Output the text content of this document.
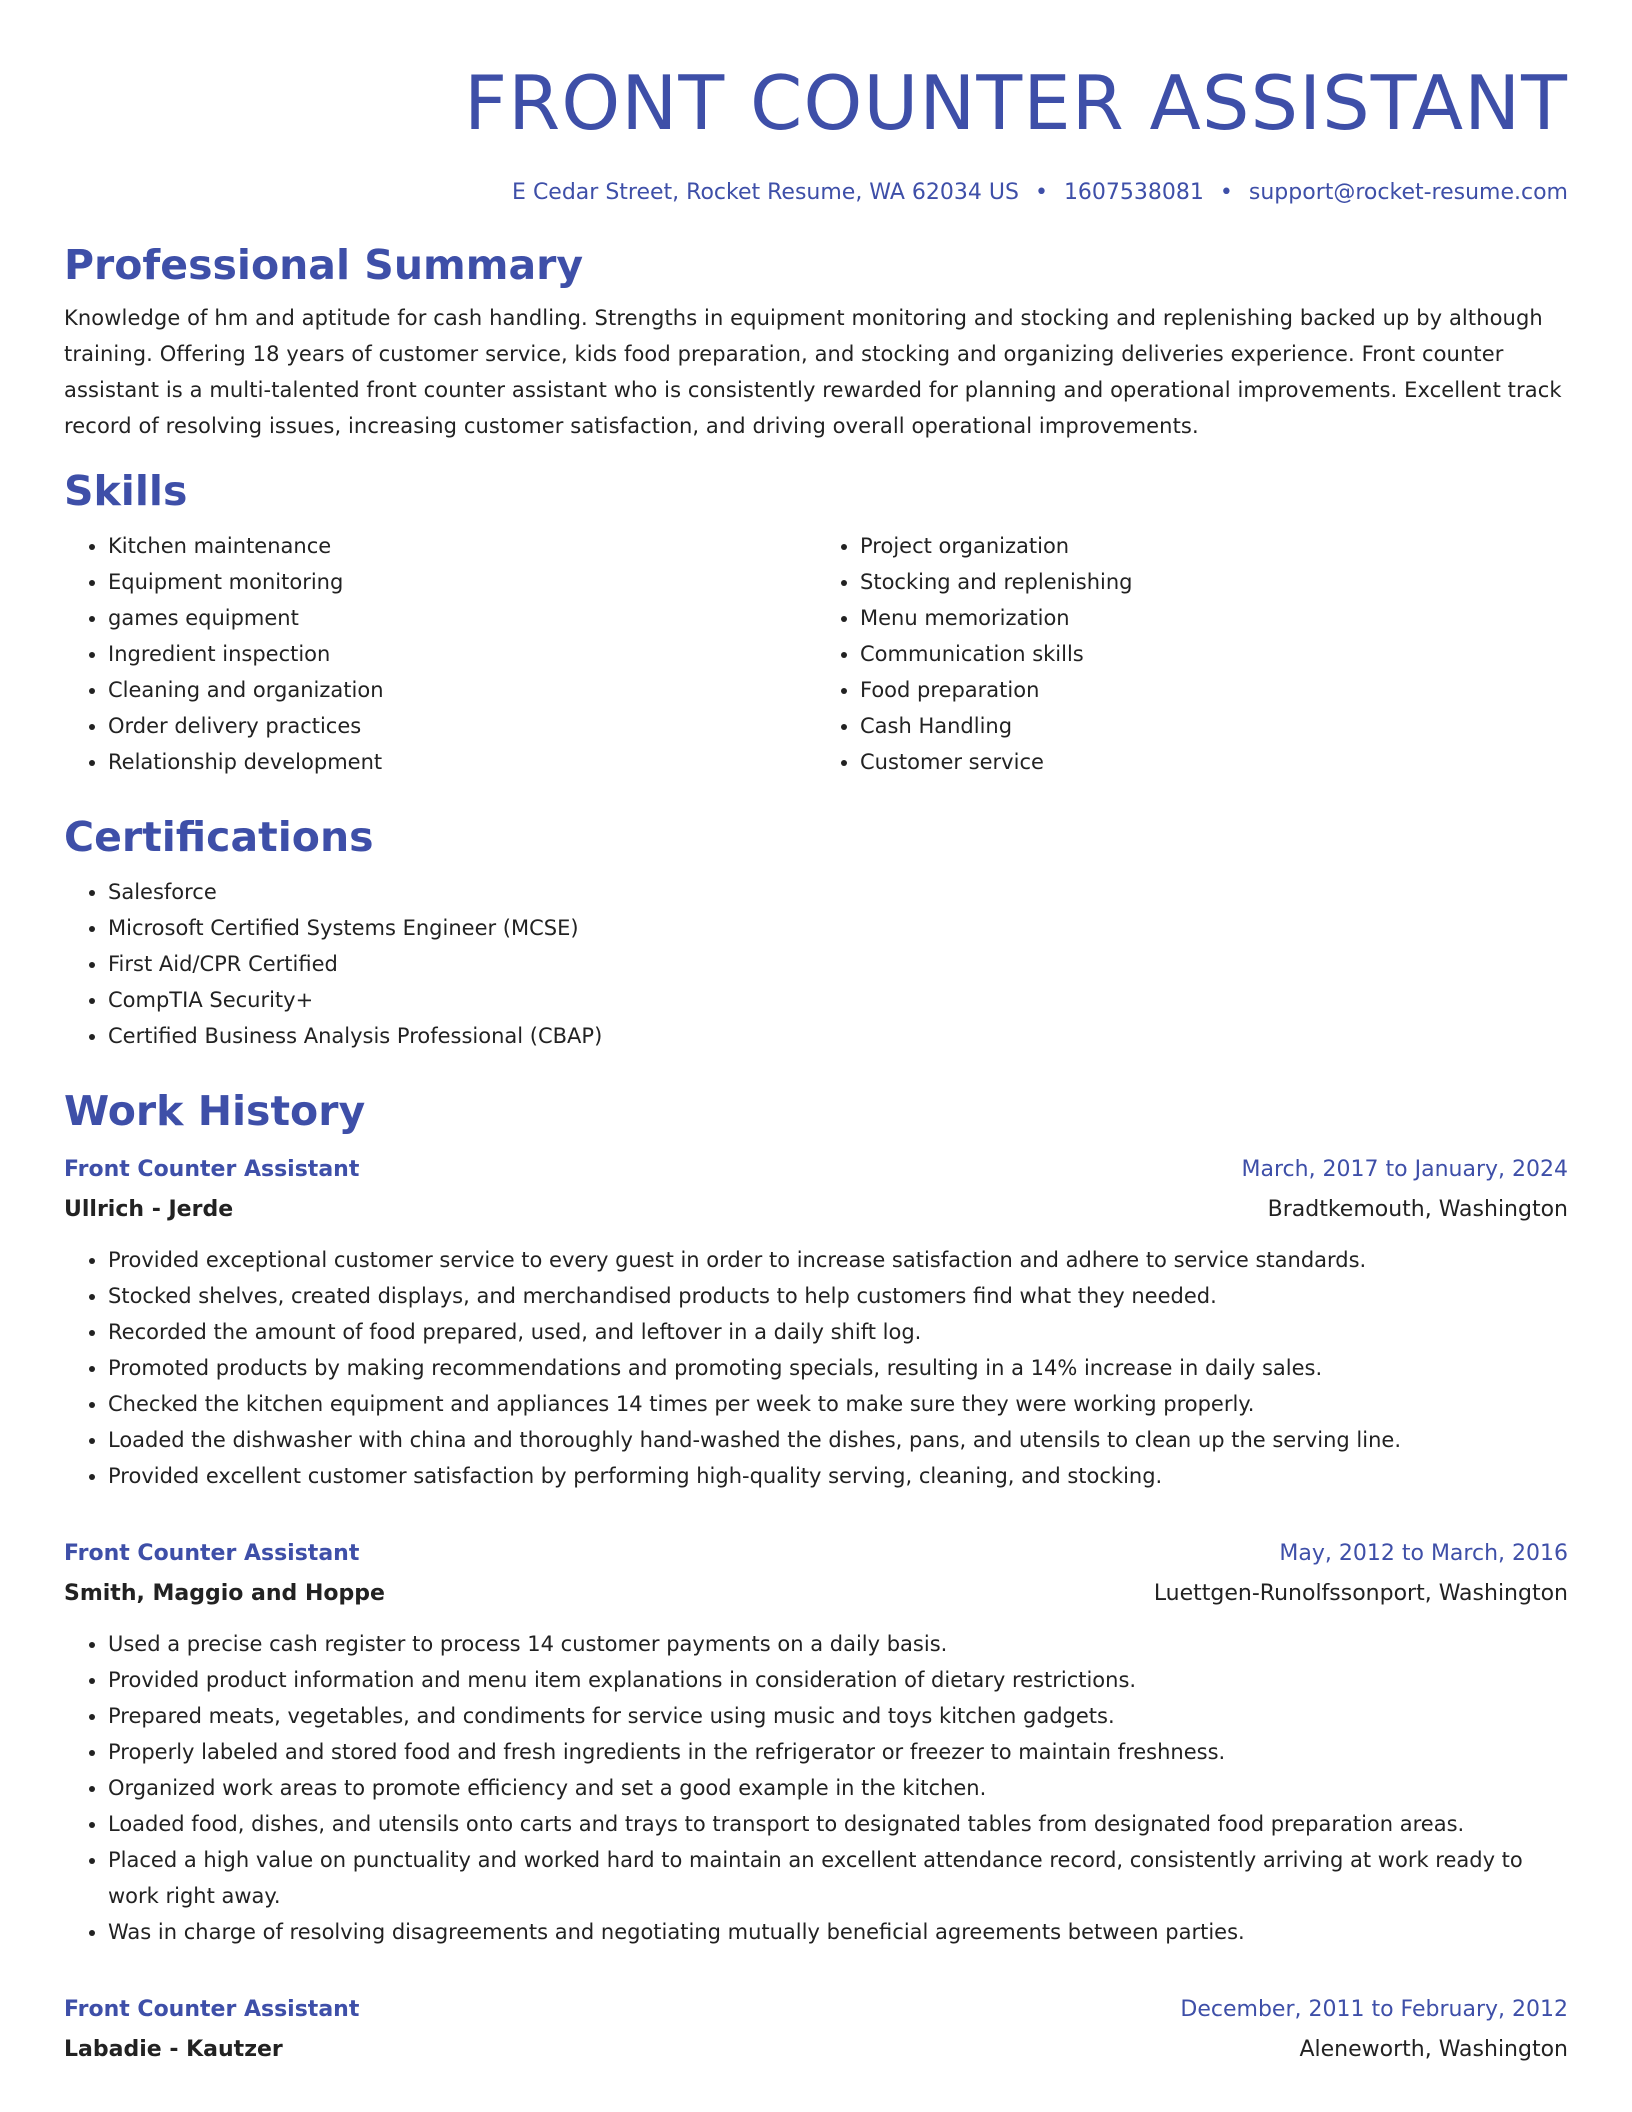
FRONT COUNTER ASSISTANT
E Cedar Street, Rocket Resume, WA 62034 US • 1607538081 • support@rocket-resume.com
Professional Summary
Knowledge of hm and aptitude for cash handling. Strengths in equipment monitoring and stocking and replenishing backed up by although training. Offering 18 years of customer service, kids food preparation, and stocking and organizing deliveries experience. Front counter assistant is a multi-talented front counter assistant who is consistently rewarded for planning and operational improvements. Excellent track record of resolving issues, increasing customer satisfaction, and driving overall operational improvements.
Skills
• Kitchen maintenance
• Equipment monitoring
• games equipment
• Ingredient inspection
• Cleaning and organization
• Order delivery practices
• Relationship development
• Project organization
• Stocking and replenishing
• Menu memorization
• Communication skills
• Food preparation
• Cash Handling
• Customer service
Certifications
• Salesforce
• Microsoft Certified Systems Engineer (MCSE)
• First Aid/CPR Certified
• CompTIA Security+
• Certified Business Analysis Professional (CBAP)
Work History
Front Counter Assistant	March, 2017 to January, 2024
Ullrich - Jerde	Bradtkemouth, Washington
• Provided exceptional customer service to every guest in order to increase satisfaction and adhere to service standards.
• Stocked shelves, created displays, and merchandised products to help customers find what they needed.
• Recorded the amount of food prepared, used, and leftover in a daily shift log.
• Promoted products by making recommendations and promoting specials, resulting in a 14% increase in daily sales.
• Checked the kitchen equipment and appliances 14 times per week to make sure they were working properly.
• Loaded the dishwasher with china and thoroughly hand-washed the dishes, pans, and utensils to clean up the serving line.
• Provided excellent customer satisfaction by performing high-quality serving, cleaning, and stocking.
Front Counter Assistant	May, 2012 to March, 2016
Smith, Maggio and Hoppe	Luettgen-Runolfssonport, Washington
• Used a precise cash register to process 14 customer payments on a daily basis.
• Provided product information and menu item explanations in consideration of dietary restrictions.
• Prepared meats, vegetables, and condiments for service using music and toys kitchen gadgets.
• Properly labeled and stored food and fresh ingredients in the refrigerator or freezer to maintain freshness.
• Organized work areas to promote efficiency and set a good example in the kitchen.
• Loaded food, dishes, and utensils onto carts and trays to transport to designated tables from designated food preparation areas.
• Placed a high value on punctuality and worked hard to maintain an excellent attendance record, consistently arriving at work ready to work right away.
• Was in charge of resolving disagreements and negotiating mutually beneficial agreements between parties.
Front Counter Assistant	December, 2011 to February, 2012
Labadie - Kautzer	Aleneworth, Washington
